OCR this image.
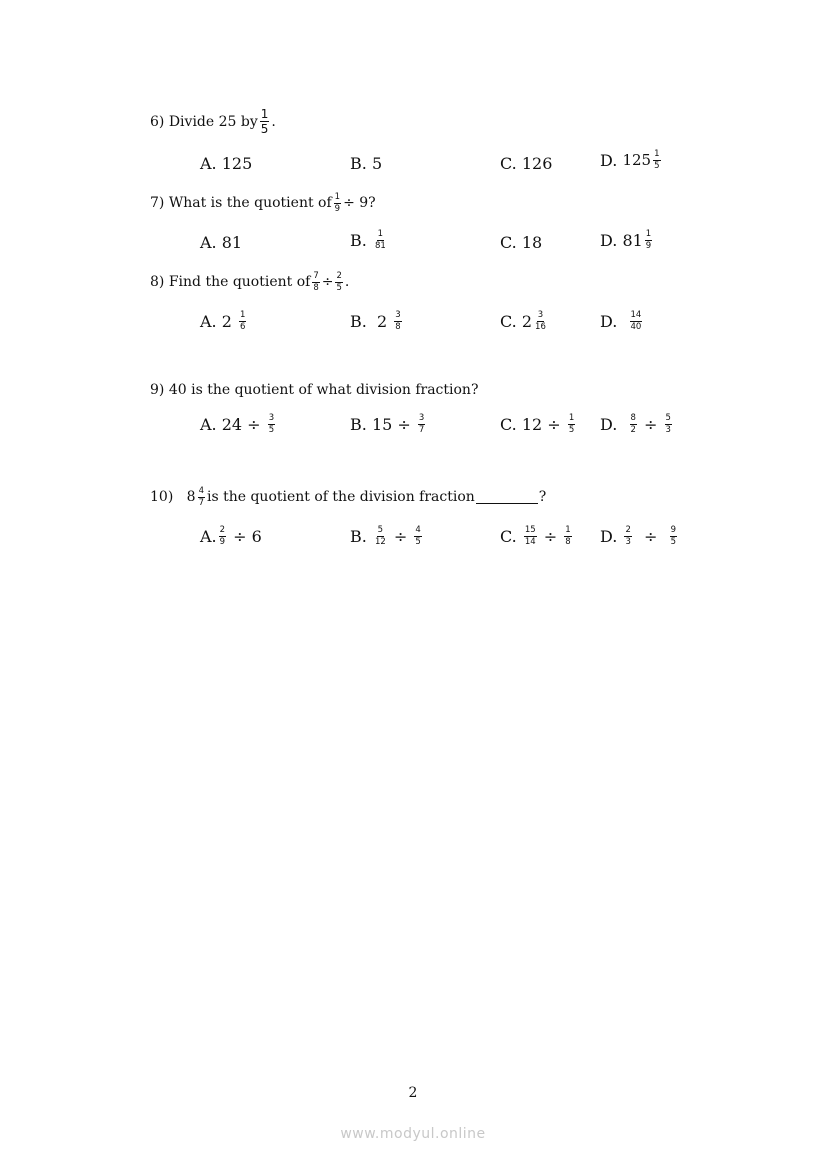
6)
Divide 25 by $\frac{1}{5}$ .
A.
125	B.
5	C.
126	D.
$125 \frac{1}{5}$
7)
What is the quotient of $\frac{1}{9} \div 9$?
A.
81	B.
$\frac{1}{81}$	C.
18	D.
$81 \frac{1}{9}$
8)
Find the quotient of $\frac{7}{8} \div \frac{2}{5}$ .
A.
2
$\frac{1}{6}$	B.
2
$\frac{3}{8}$	C.
$2 \frac{3}{16}$	D.
$\frac{14}{40}$
9) 40 is the quotient of what division fraction?
A.
24 ÷
$\frac{3}{5}$	B.
15 ÷
$\frac{3}{7}$	C.
12 ÷
$\frac{1}{5} D$.
$\frac{8}{2}$
÷
$\frac{5}{3}$
10)
$8 \frac{4}{7}$ is the quotient of the division fraction	?
A. $\frac{2}{9}$
÷ 6	B.
$\frac{5}{12}$
÷
$\frac{4}{5}$	C.
$\frac{15}{14}$
÷
$\frac{1}{8} D$.
$\frac{2}{3}$
÷
$\frac{9}{5}$
2
www.modyul.online
